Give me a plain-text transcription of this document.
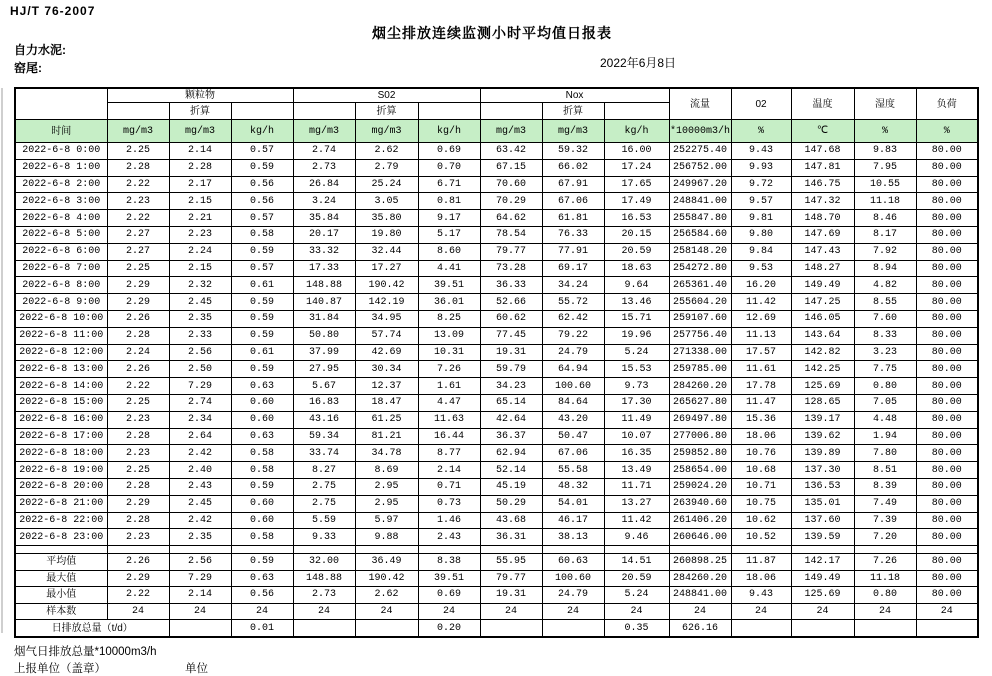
HJ/T 76-2007
烟尘排放连续监测小时平均值日报表
自力水泥:
窑尾:	2022年6月8日
	颗粒物			S02			Nox			流量	02	温度	湿度	负荷
		折算			折算			折算						
时间	mg/m3	mg/m3	kg/h	mg/m3	mg/m3	kg/h	mg/m3	mg/m3	kg/h	*10000m3/h	%	℃	%	%
2022-6-8 0:00	2.25	2.14	0.57	2.74	2.62	0.69	63.42	59.32	16.00	252275.40	9.43	147.68	9.83	80.00
2022-6-8 1:00	2.28	2.28	0.59	2.73	2.79	0.70	67.15	66.02	17.24	256752.00	9.93	147.81	7.95	80.00
2022-6-8 2:00	2.22	2.17	0.56	26.84	25.24	6.71	70.60	67.91	17.65	249967.20	9.72	146.75	10.55	80.00
2022-6-8 3:00	2.23	2.15	0.56	3.24	3.05	0.81	70.29	67.06	17.49	248841.00	9.57	147.32	11.18	80.00
2022-6-8 4:00	2.22	2.21	0.57	35.84	35.80	9.17	64.62	61.81	16.53	255847.80	9.81	148.70	8.46	80.00
2022-6-8 5:00	2.27	2.23	0.58	20.17	19.80	5.17	78.54	76.33	20.15	256584.60	9.80	147.69	8.17	80.00
2022-6-8 6:00	2.27	2.24	0.59	33.32	32.44	8.60	79.77	77.91	20.59	258148.20	9.84	147.43	7.92	80.00
2022-6-8 7:00	2.25	2.15	0.57	17.33	17.27	4.41	73.28	69.17	18.63	254272.80	9.53	148.27	8.94	80.00
2022-6-8 8:00	2.29	2.32	0.61	148.88	190.42	39.51	36.33	34.24	9.64	265361.40	16.20	149.49	4.82	80.00
2022-6-8 9:00	2.29	2.45	0.59	140.87	142.19	36.01	52.66	55.72	13.46	255604.20	11.42	147.25	8.55	80.00
2022-6-8 10:00	2.26	2.35	0.59	31.84	34.95	8.25	60.62	62.42	15.71	259107.60	12.69	146.05	7.60	80.00
2022-6-8 11:00	2.28	2.33	0.59	50.80	57.74	13.09	77.45	79.22	19.96	257756.40	11.13	143.64	8.33	80.00
2022-6-8 12:00	2.24	2.56	0.61	37.99	42.69	10.31	19.31	24.79	5.24	271338.00	17.57	142.82	3.23	80.00
2022-6-8 13:00	2.26	2.50	0.59	27.95	30.34	7.26	59.79	64.94	15.53	259785.00	11.61	142.25	7.75	80.00
2022-6-8 14:00	2.22	7.29	0.63	5.67	12.37	1.61	34.23	100.60	9.73	284260.20	17.78	125.69	0.80	80.00
2022-6-8 15:00	2.25	2.74	0.60	16.83	18.47	4.47	65.14	84.64	17.30	265627.80	11.47	128.65	7.05	80.00
2022-6-8 16:00	2.23	2.34	0.60	43.16	61.25	11.63	42.64	43.20	11.49	269497.80	15.36	139.17	4.48	80.00
2022-6-8 17:00	2.28	2.64	0.63	59.34	81.21	16.44	36.37	50.47	10.07	277006.80	18.06	139.62	1.94	80.00
2022-6-8 18:00	2.23	2.42	0.58	33.74	34.78	8.77	62.94	67.06	16.35	259852.80	10.76	139.89	7.80	80.00
2022-6-8 19:00	2.25	2.40	0.58	8.27	8.69	2.14	52.14	55.58	13.49	258654.00	10.68	137.30	8.51	80.00
2022-6-8 20:00	2.28	2.43	0.59	2.75	2.95	0.71	45.19	48.32	11.71	259024.20	10.71	136.53	8.39	80.00
2022-6-8 21:00	2.29	2.45	0.60	2.75	2.95	0.73	50.29	54.01	13.27	263940.60	10.75	135.01	7.49	80.00
2022-6-8 22:00	2.28	2.42	0.60	5.59	5.97	1.46	43.68	46.17	11.42	261406.20	10.62	137.60	7.39	80.00
2022-6-8 23:00	2.23	2.35	0.58	9.33	9.88	2.43	36.31	38.13	9.46	260646.00	10.52	139.59	7.20	80.00

平均值	2.26	2.56	0.59	32.00	36.49	8.38	55.95	60.63	14.51	260898.25	11.87	142.17	7.26	80.00
最大值	2.29	7.29	0.63	148.88	190.42	39.51	79.77	100.60	20.59	284260.20	18.06	149.49	11.18	80.00
最小值	2.22	2.14	0.56	2.73	2.62	0.69	19.31	24.79	5.24	248841.00	9.43	125.69	0.80	80.00
样本数	24	24	24	24	24	24	24	24	24	24	24	24	24	24
日排放总量（t/d）			0.01			0.20			0.35	626.16				
烟气日排放总量*10000m3/h
上报单位（盖章）	单位
